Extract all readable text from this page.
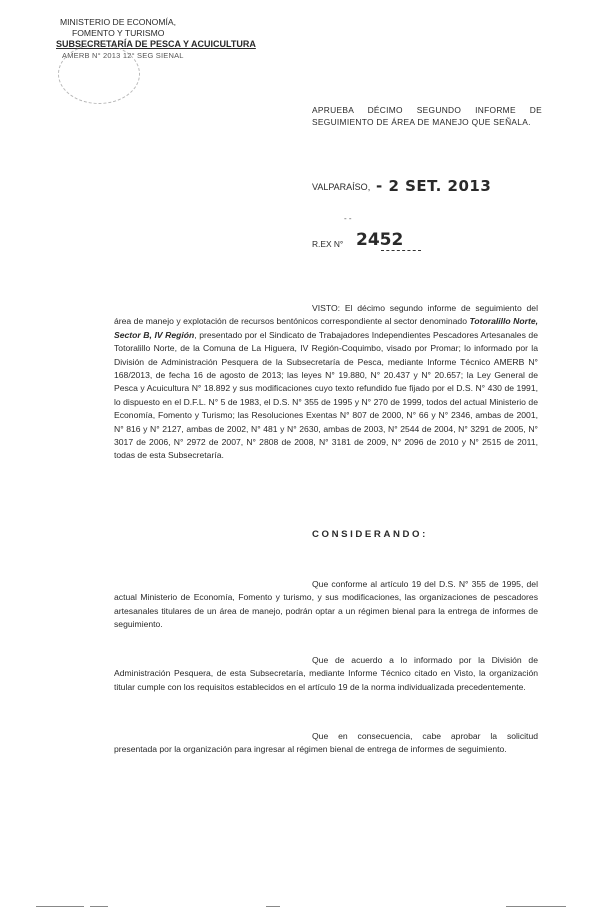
MINISTERIO DE ECONOMÍA,
FOMENTO Y TURISMO
SUBSECRETARÍA DE PESCA Y ACUICULTURA
AMERB N° 2013 12° SEG SIENAL
APRUEBA DÉCIMO SEGUNDO INFORME DE SEGUIMIENTO DE ÁREA DE MANEJO QUE SEÑALA.
VALPARAÍSO, - 2 SET. 2013
- -
R.EX N° 2452
VISTO: El décimo segundo informe de seguimiento del área de manejo y explotación de recursos bentónicos correspondiente al sector denominado Totoralillo Norte, Sector B, IV Región, presentado por el Sindicato de Trabajadores Independientes Pescadores Artesanales de Totoralillo Norte, de la Comuna de La Higuera, IV Región-Coquimbo, visado por Promar; lo informado por la División de Administración Pesquera de la Subsecretaría de Pesca, mediante Informe Técnico AMERB N° 168/2013, de fecha 16 de agosto de 2013; las leyes N° 19.880, N° 20.437 y N° 20.657; la Ley General de Pesca y Acuicultura N° 18.892 y sus modificaciones cuyo texto refundido fue fijado por el D.S. N° 430 de 1991, lo dispuesto en el D.F.L. N° 5 de 1983, el D.S. N° 355 de 1995 y N° 270 de 1999, todos del actual Ministerio de Economía, Fomento y Turismo; las Resoluciones Exentas N° 807 de 2000, N° 66 y N° 2346, ambas de 2001, N° 816 y N° 2127, ambas de 2002, N° 481 y N° 2630, ambas de 2003, N° 2544 de 2004, N° 3291 de 2005, N° 3017 de 2006, N° 2972 de 2007, N° 2808 de 2008, N° 3181 de 2009, N° 2096 de 2010 y N° 2515 de 2011, todas de esta Subsecretaría.
CONSIDERANDO:
Que conforme al artículo 19 del D.S. N° 355 de 1995, del actual Ministerio de Economía, Fomento y turismo, y sus modificaciones, las organizaciones de pescadores artesanales titulares de un área de manejo, podrán optar a un régimen bienal para la entrega de informes de seguimiento.
Que de acuerdo a lo informado por la División de Administración Pesquera, de esta Subsecretaría, mediante Informe Técnico citado en Visto, la organización titular cumple con los requisitos establecidos en el artículo 19 de la norma individualizada precedentemente.
Que en consecuencia, cabe aprobar la solicitud presentada por la organización para ingresar al régimen bienal de entrega de informes de seguimiento.
